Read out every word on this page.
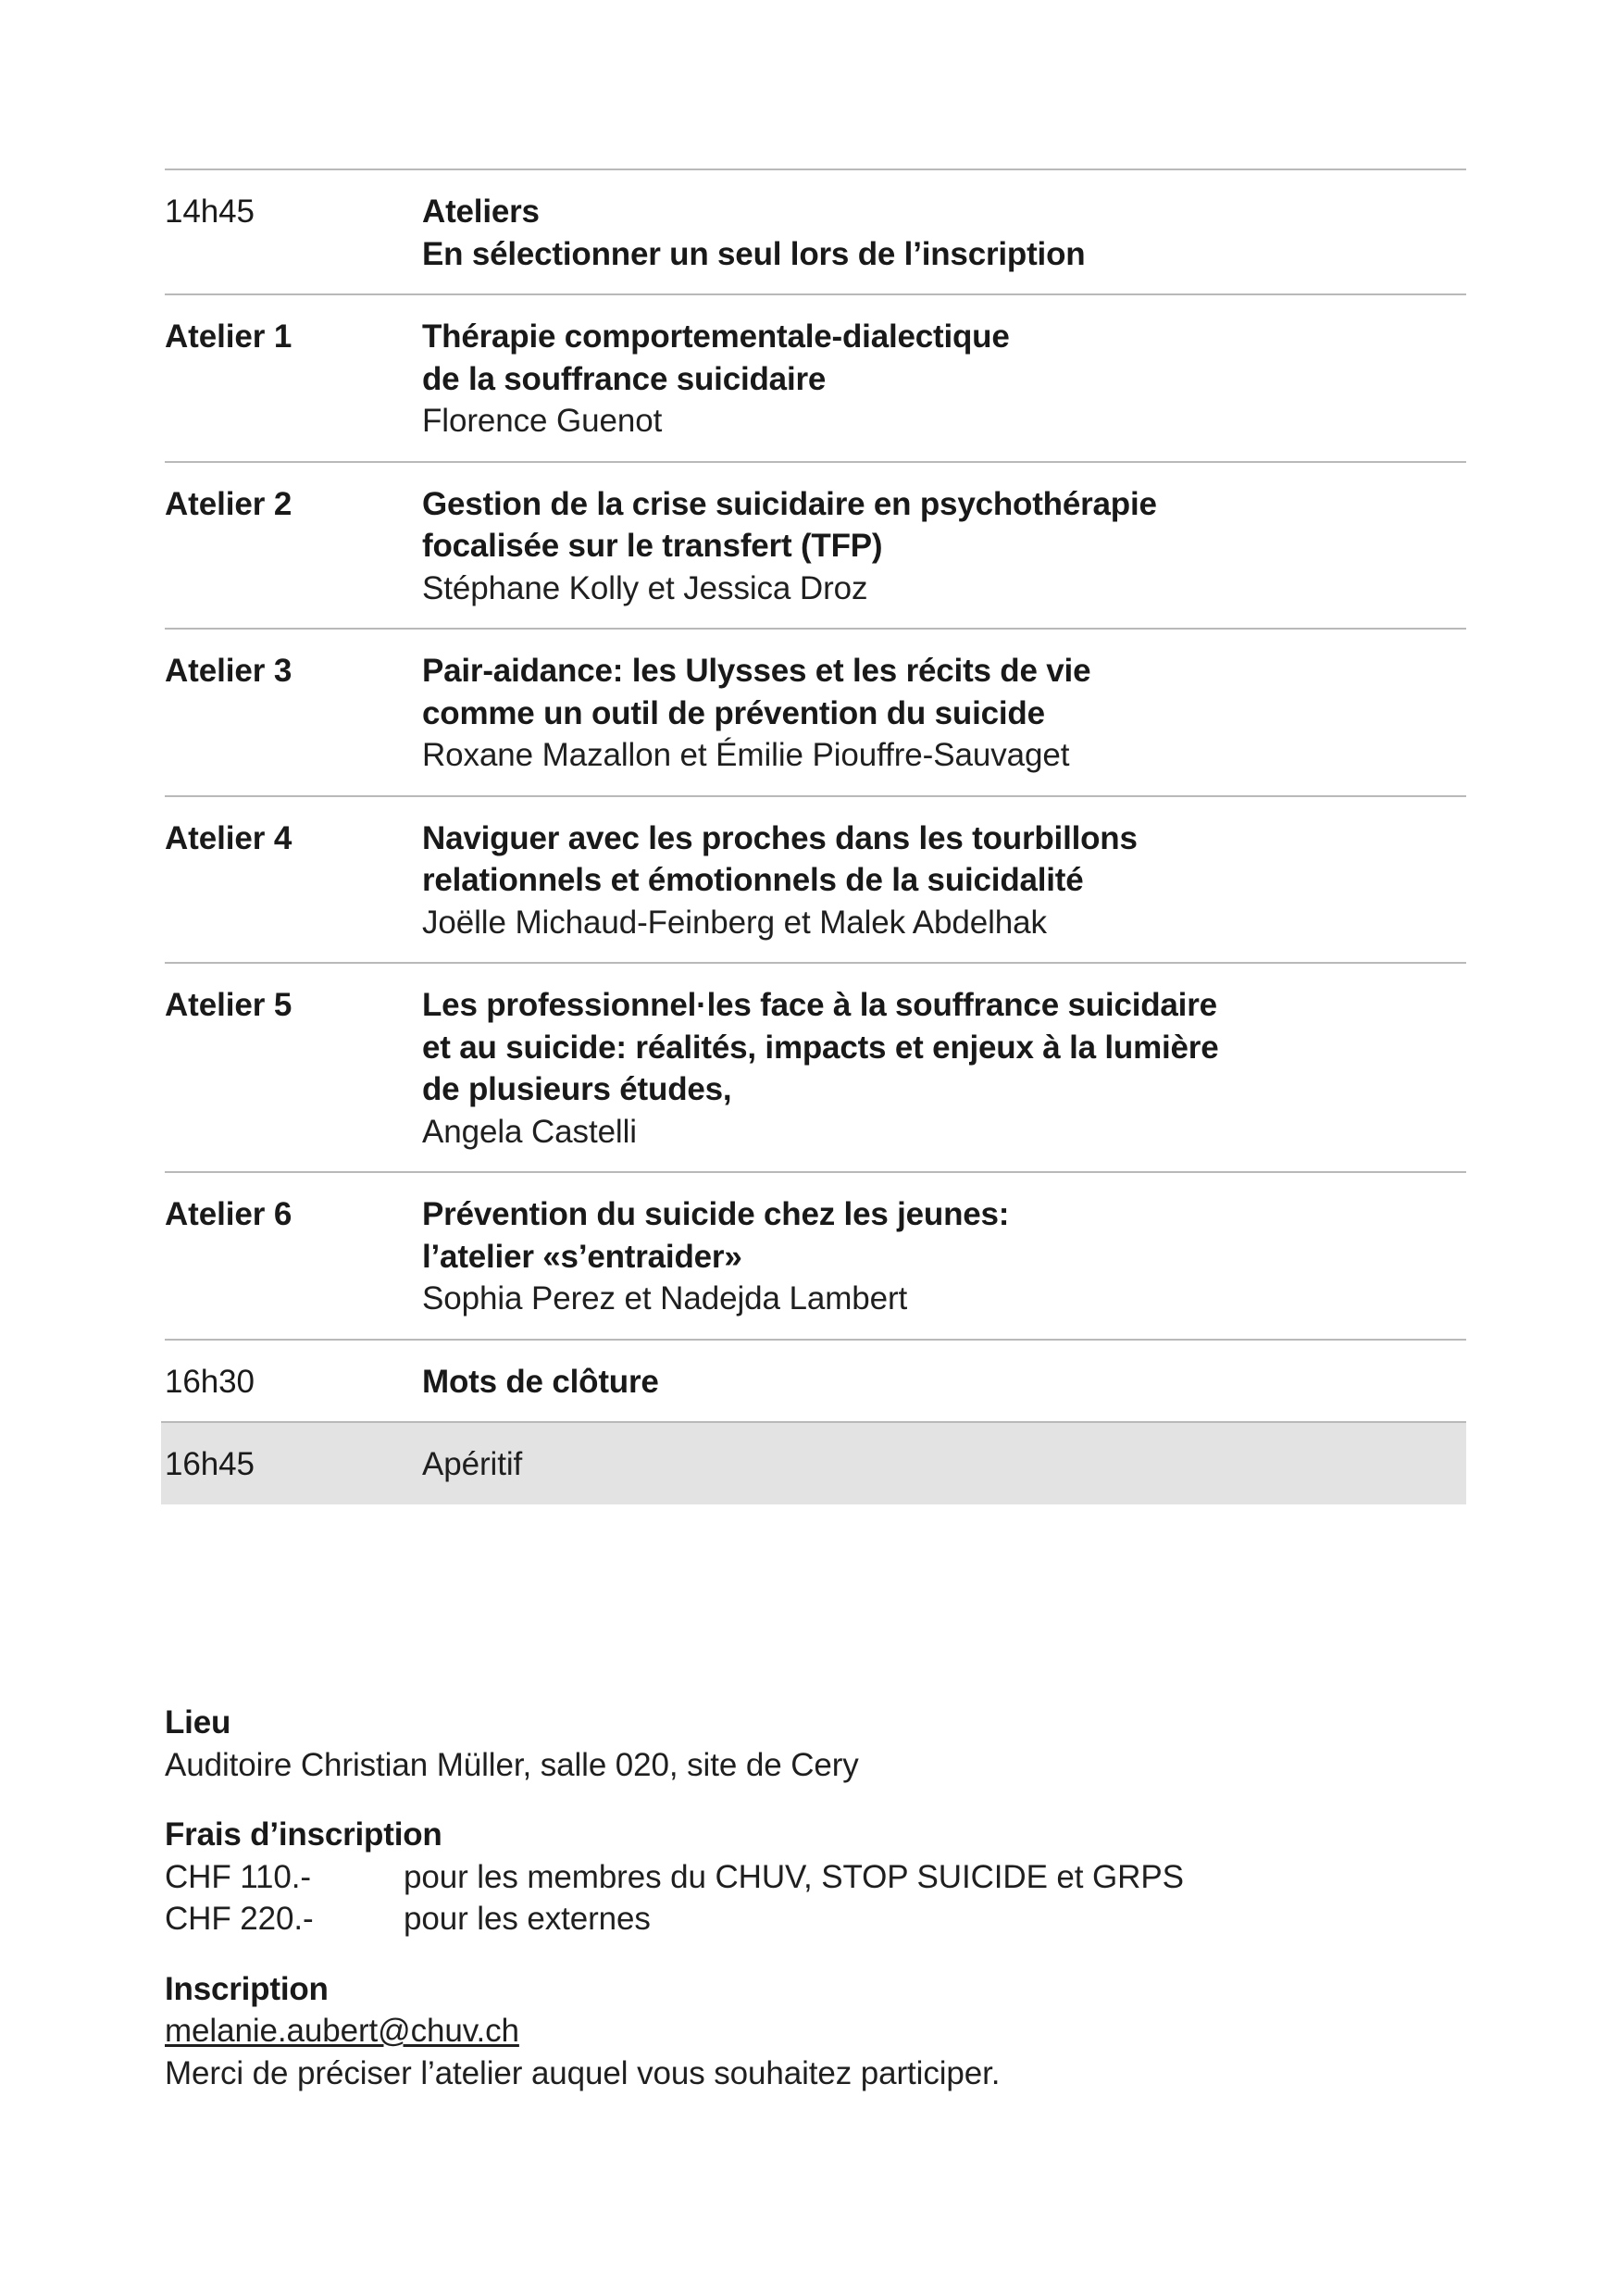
14h45	Ateliers
En sélectionner un seul lors de l’inscription
Atelier 1	Thérapie comportementale-dialectique
de la souffrance suicidaire
Florence Guenot
Atelier 2	Gestion de la crise suicidaire en psychothérapie
focalisée sur le transfert (TFP)
Stéphane Kolly et Jessica Droz
Atelier 3	Pair-aidance: les Ulysses et les récits de vie
comme un outil de prévention du suicide
Roxane Mazallon et Émilie Piouffre-Sauvaget
Atelier 4	Naviguer avec les proches dans les tourbillons
relationnels et émotionnels de la suicidalité
Joëlle Michaud-Feinberg et Malek Abdelhak
Atelier 5	Les professionnel·les face à la souffrance suicidaire
et au suicide: réalités, impacts et enjeux à la lumière
de plusieurs études,
Angela Castelli
Atelier 6	Prévention du suicide chez les jeunes:
l’atelier «s’entraider»
Sophia Perez et Nadejda Lambert
16h30	Mots de clôture
16h45	Apéritif
Lieu
Auditoire Christian Müller, salle 020, site de Cery
Frais d’inscription
CHF 110.-	pour les membres du CHUV, STOP SUICIDE et GRPS
CHF 220.-	pour les externes
Inscription
melanie.aubert@chuv.ch
Merci de préciser l’atelier auquel vous souhaitez participer.
